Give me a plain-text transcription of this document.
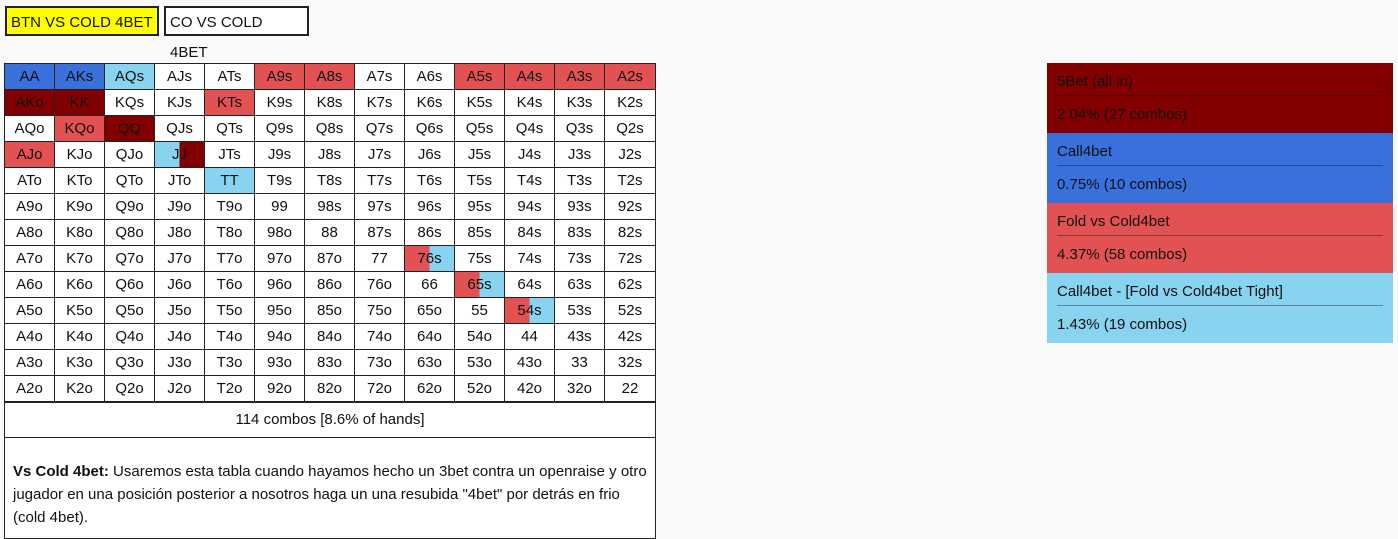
BTN VS COLD 4BET	CO VS COLD 4BET
AA	AKs	AQs	AJs	ATs	A9s	A8s	A7s	A6s	A5s	A4s	A3s	A2s
AKo	KK	KQs	KJs	KTs	K9s	K8s	K7s	K6s	K5s	K4s	K3s	K2s
AQo	KQo	QQ	QJs	QTs	Q9s	Q8s	Q7s	Q6s	Q5s	Q4s	Q3s	Q2s
AJo	KJo	QJo	JJ	JTs	J9s	J8s	J7s	J6s	J5s	J4s	J3s	J2s
ATo	KTo	QTo	JTo	TT	T9s	T8s	T7s	T6s	T5s	T4s	T3s	T2s
A9o	K9o	Q9o	J9o	T9o	99	98s	97s	96s	95s	94s	93s	92s
A8o	K8o	Q8o	J8o	T8o	98o	88	87s	86s	85s	84s	83s	82s
A7o	K7o	Q7o	J7o	T7o	97o	87o	77	76s	75s	74s	73s	72s
A6o	K6o	Q6o	J6o	T6o	96o	86o	76o	66	65s	64s	63s	62s
A5o	K5o	Q5o	J5o	T5o	95o	85o	75o	65o	55	54s	53s	52s
A4o	K4o	Q4o	J4o	T4o	94o	84o	74o	64o	54o	44	43s	42s
A3o	K3o	Q3o	J3o	T3o	93o	83o	73o	63o	53o	43o	33	32s
A2o	K2o	Q2o	J2o	T2o	92o	82o	72o	62o	52o	42o	32o	22
114 combos [8.6% of hands]
Vs Cold 4bet: Usaremos esta tabla cuando hayamos hecho un 3bet contra un openraise y otro jugador en una posición posterior a nosotros haga un una resubida "4bet" por detrás en frio (cold 4bet).
5Bet (all in)
2.04% (27 combos)
Call4bet
0.75% (10 combos)
Fold vs Cold4bet
4.37% (58 combos)
Call4bet - [Fold vs Cold4bet Tight]
1.43% (19 combos)
